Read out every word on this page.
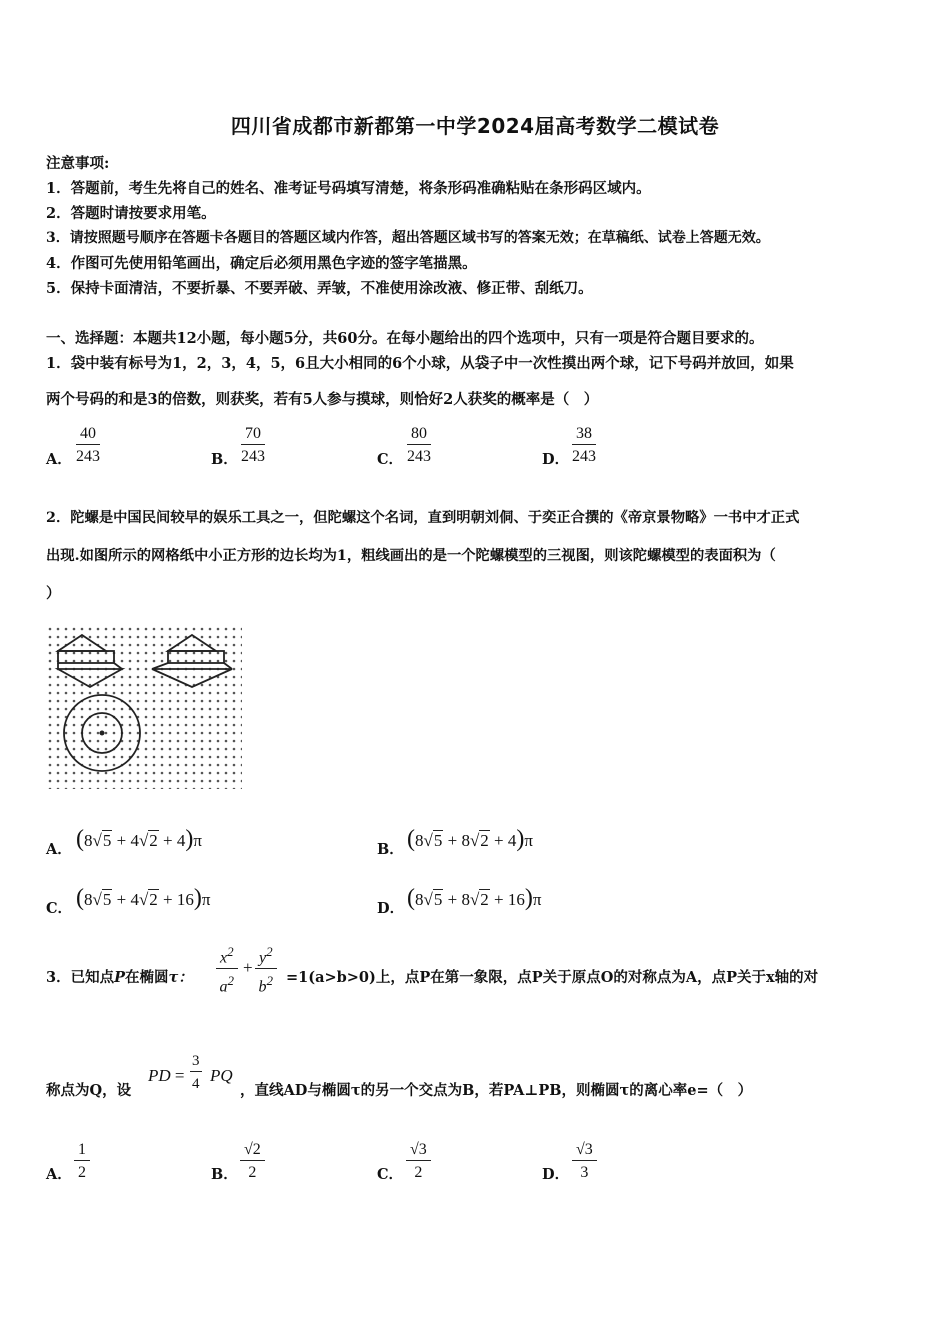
四川省成都市新都第一中学2024届高考数学二模试卷
注意事项:
1．答题前，考生先将自己的姓名、准考证号码填写清楚，将条形码准确粘贴在条形码区域内。
2．答题时请按要求用笔。
3．请按照题号顺序在答题卡各题目的答题区域内作答，超出答题区域书写的答案无效；在草稿纸、试卷上答题无效。
4．作图可先使用铅笔画出，确定后必须用黑色字迹的签字笔描黑。
5．保持卡面清洁，不要折暴、不要弄破、弄皱，不准使用涂改液、修正带、刮纸刀。
一、选择题：本题共12小题，每小题5分，共60分。在每小题给出的四个选项中，只有一项是符合题目要求的。
1．袋中装有标号为1，2，3，4，5，6且大小相同的6个小球，从袋子中一次性摸出两个球，记下号码并放回，如果
两个号码的和是3的倍数，则获奖，若有5人参与摸球，则恰好2人获奖的概率是（　）
A． $\frac{40}{243}$	B． $\frac{70}{243}$	C． $\frac{80}{243}$	D． $\frac{38}{243}$
2．陀螺是中国民间较早的娱乐工具之一，但陀螺这个名词，直到明朝刘侗、于奕正合撰的《帝京景物略》一书中才正式
出现.如图所示的网格纸中小正方形的边长均为1，粗线画出的是一个陀螺模型的三视图，则该陀螺模型的表面积为（
）
A． (8√5 + 4√2 + 4)π	B． (8√5 + 8√2 + 4)π
C． (8√5 + 4√2 + 16)π	D． (8√5 + 8√2 + 16)π
3．已知点P在椭圆τ： $\frac{x^2}{a^2} + \frac{y^2}{b^2} =1(a>b>0)$上，点P在第一象限，点P关于原点O的对称点为A，点P关于x轴的对
称点为Q，设
PD = $\frac{3}{4}$ PQ
，直线AD与椭圆τ的另一个交点为B，若PA⊥PB，则椭圆τ的离心率e=（　）
A． $\frac{1}{2}$	B． $\frac{√2}{2}$	C． $\frac{√3}{2}$	D． $\frac{√3}{3}$
